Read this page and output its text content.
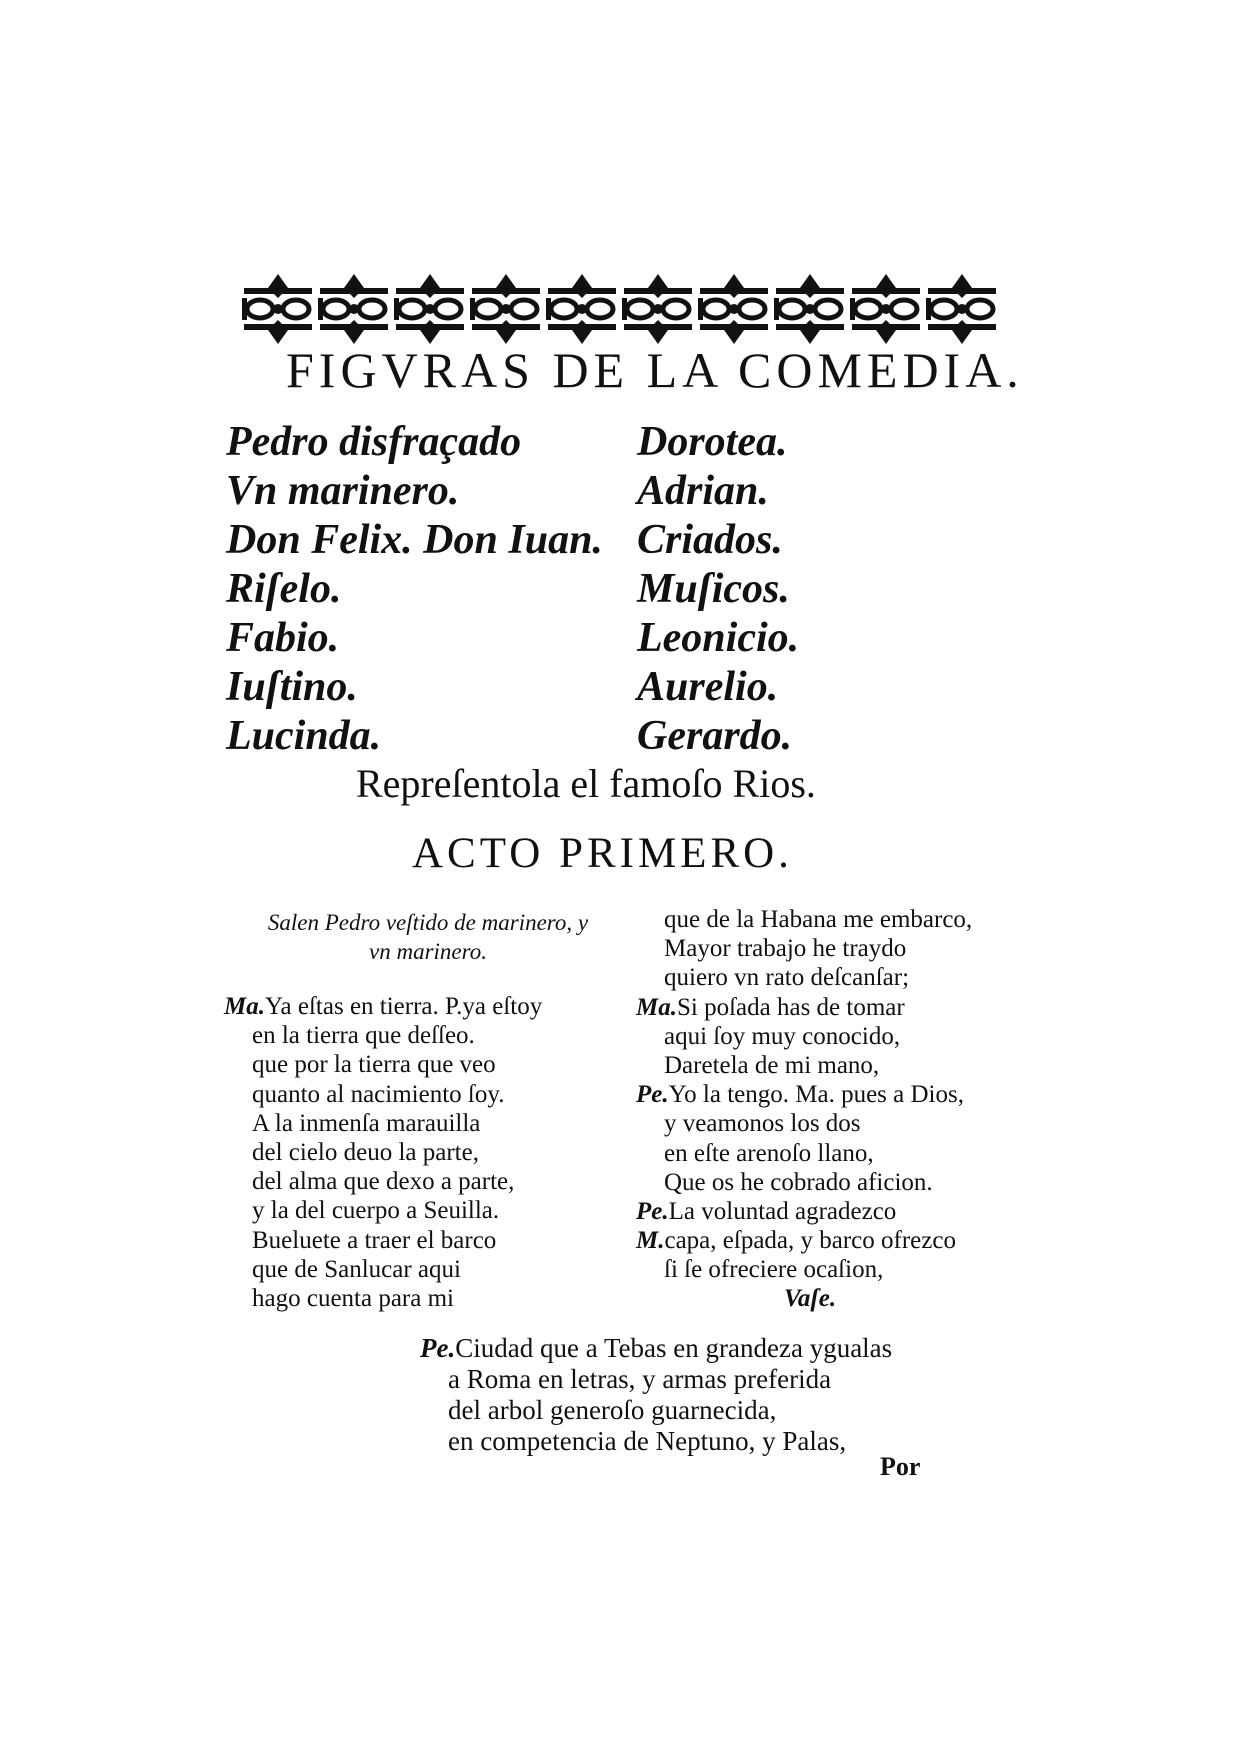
FIGVRAS DE LA COMEDIA.
Pedro disfraçado
Vn marinero.
Don Felix. Don Iuan.
Riſelo.
Fabio.
Iuſtino.
Lucinda.
Dorotea.
Adrian.
Criados.
Muſicos.
Leonicio.
Aurelio.
Gerardo.
Repreſentola el famoſo Rios.
ACTO PRIMERO.
Salen Pedro veſtido de marinero, y
vn marinero.
Ma.Ya eſtas en tierra. P.ya eſtoy
en la tierra que deſſeo.
que por la tierra que veo
quanto al nacimiento ſoy.
A la inmenſa marauilla
del cielo deuo la parte,
del alma que dexo a parte,
y la del cuerpo a Seuilla.
Bueluete a traer el barco
que de Sanlucar aqui
hago cuenta para mi
que de la Habana me embarco,
Mayor trabajo he traydo
quiero vn rato deſcanſar;
Ma.Si poſada has de tomar
aqui ſoy muy conocido,
Daretela de mi mano,
Pe.Yo la tengo. Ma. pues a Dios,
y veamonos los dos
en eſte arenoſo llano,
Que os he cobrado aficion.
Pe.La voluntad agradezco
M.capa, eſpada, y barco ofrezco
ſi ſe ofreciere ocaſion,
Vaſe.
Pe.Ciudad que a Tebas en grandeza ygualas
a Roma en letras, y armas preferida
del arbol generoſo guarnecida,
en competencia de Neptuno, y Palas,
Por
